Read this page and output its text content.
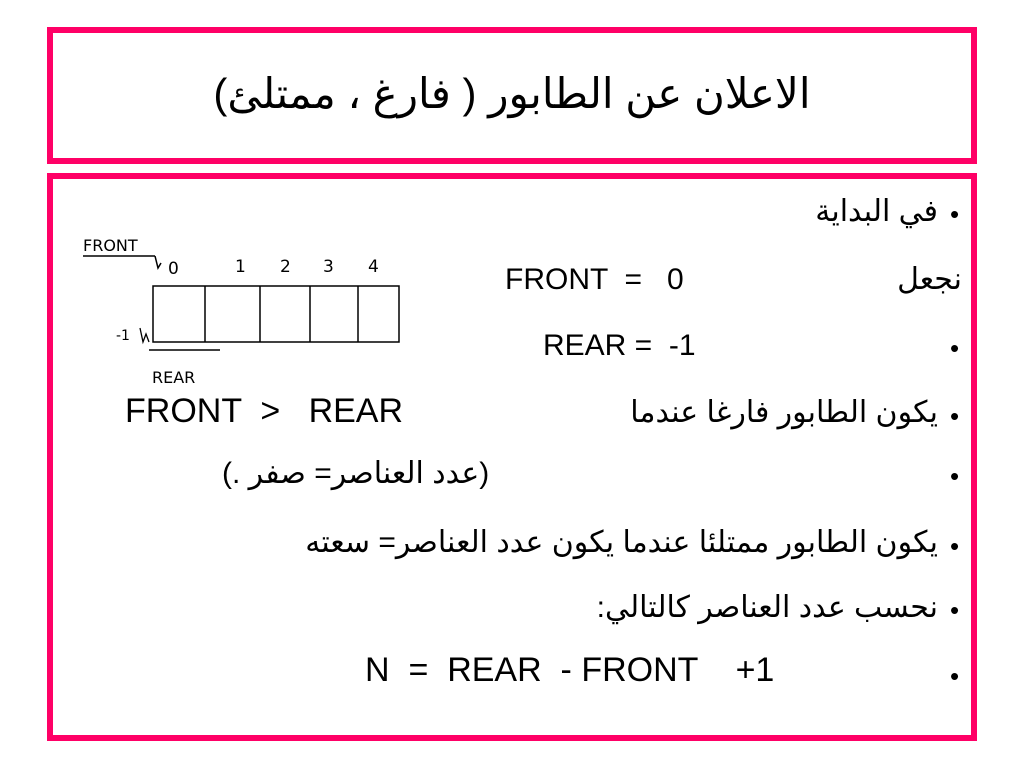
الاعلان عن الطابور ( فارغ ، ممتلئ)
•
في البداية
نجعل
FRONT  =   0
•
REAR =  -1
•
يكون الطابور فارغا عندما
FRONT  >   REAR
•
(عدد العناصر= صفر .)
•
يكون الطابور ممتلئا عندما يكون عدد العناصر= سعته
•
نحسب عدد العناصر كالتالي:
•
N  =  REAR  - FRONT    +1
FRONT
0	1 2 3 4
-1
REAR
